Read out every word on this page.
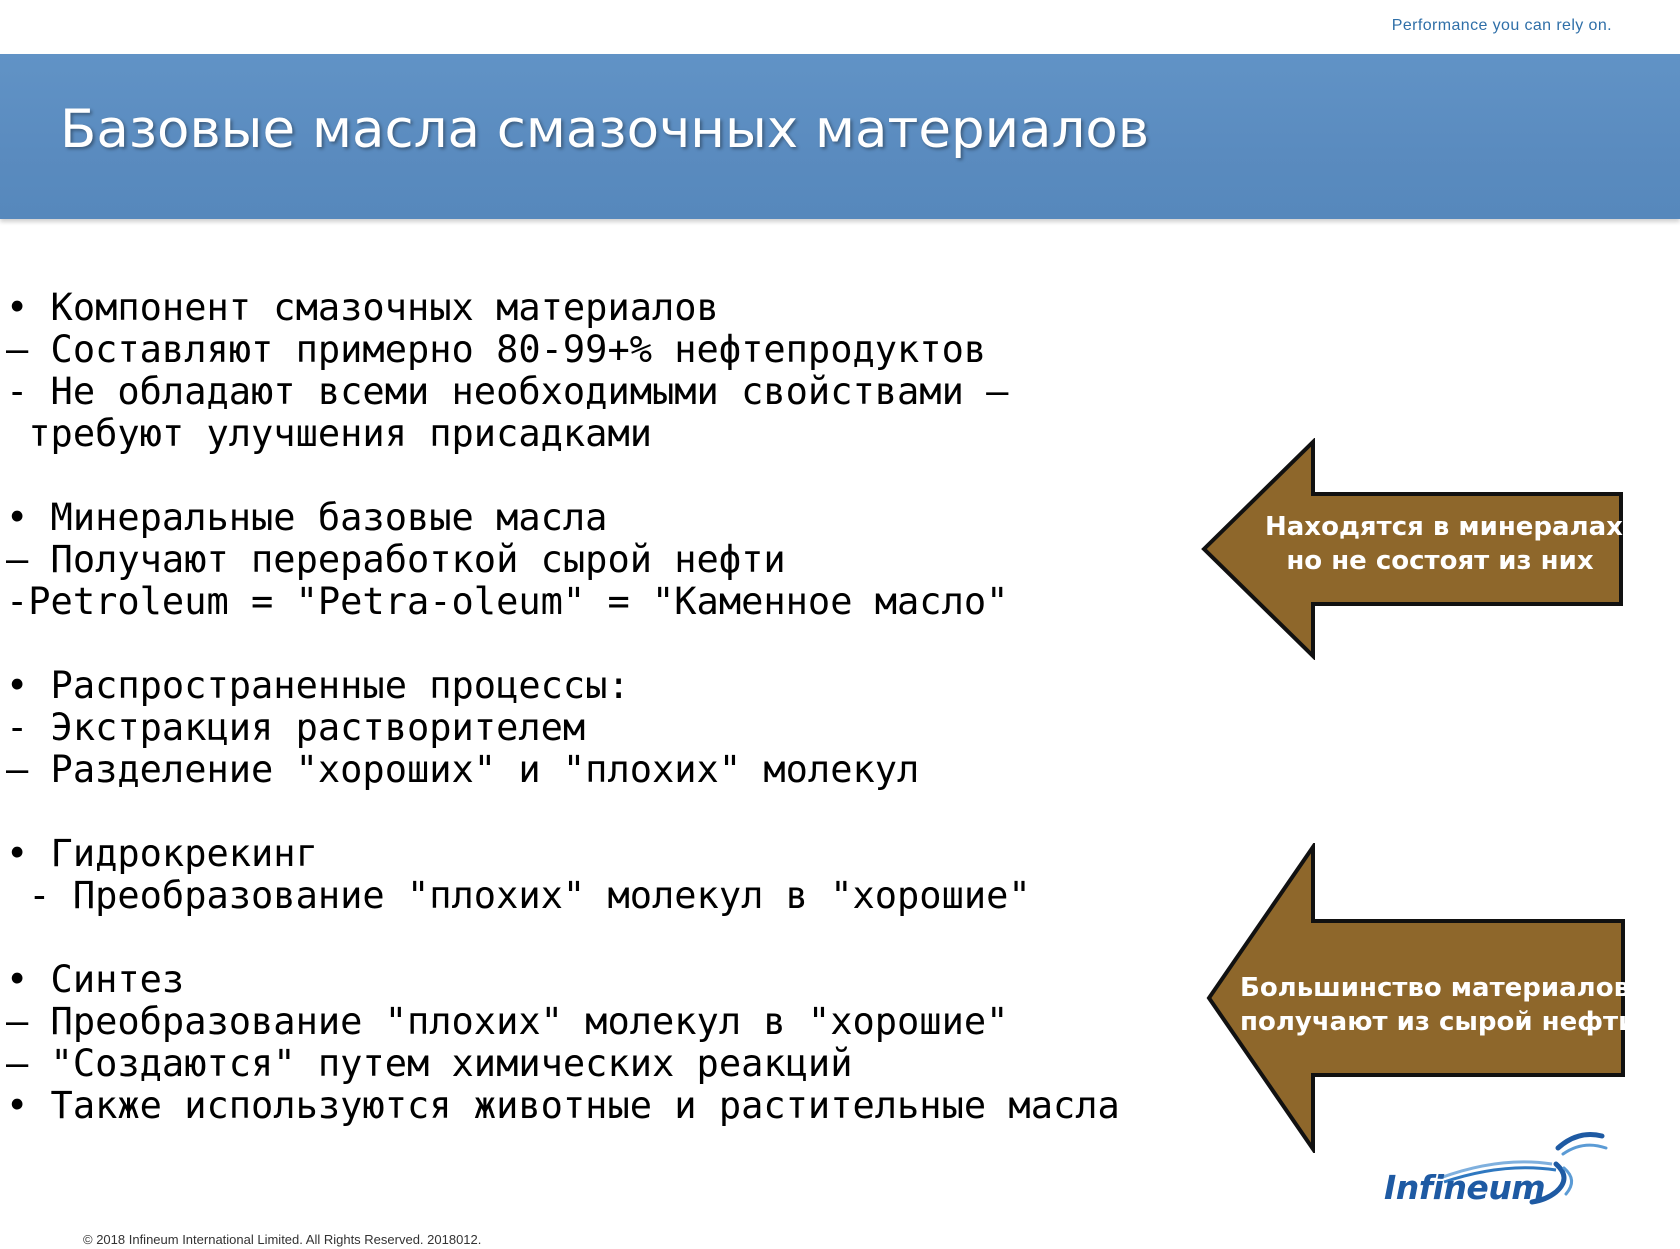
Performance you can rely on.
Базовые масла смазочных материалов
• Компонент смазочных материалов
– Составляют примерно 80-99+% нефтепродуктов
- Не обладают всеми необходимыми свойствами –
требуют улучшения присадками
• Минеральные базовые масла
– Получают переработкой сырой нефти
-Petroleum = "Petra-oleum" = "Каменное масло"
• Распространенные процессы:
- Экстракция растворителем
– Разделение "хороших" и "плохих" молекул
• Гидрокрекинг
- Преобразование "плохих" молекул в "хорошие"
• Синтез
– Преобразование "плохих" молекул в "хорошие"
– "Создаются" путем химических реакций
• Также используются животные и растительные масла
Находятся в минералах
но не состоят из них
Большинство материалов
получают из сырой нефти
Infineum
© 2018 Infineum International Limited. All Rights Reserved. 2018012.
